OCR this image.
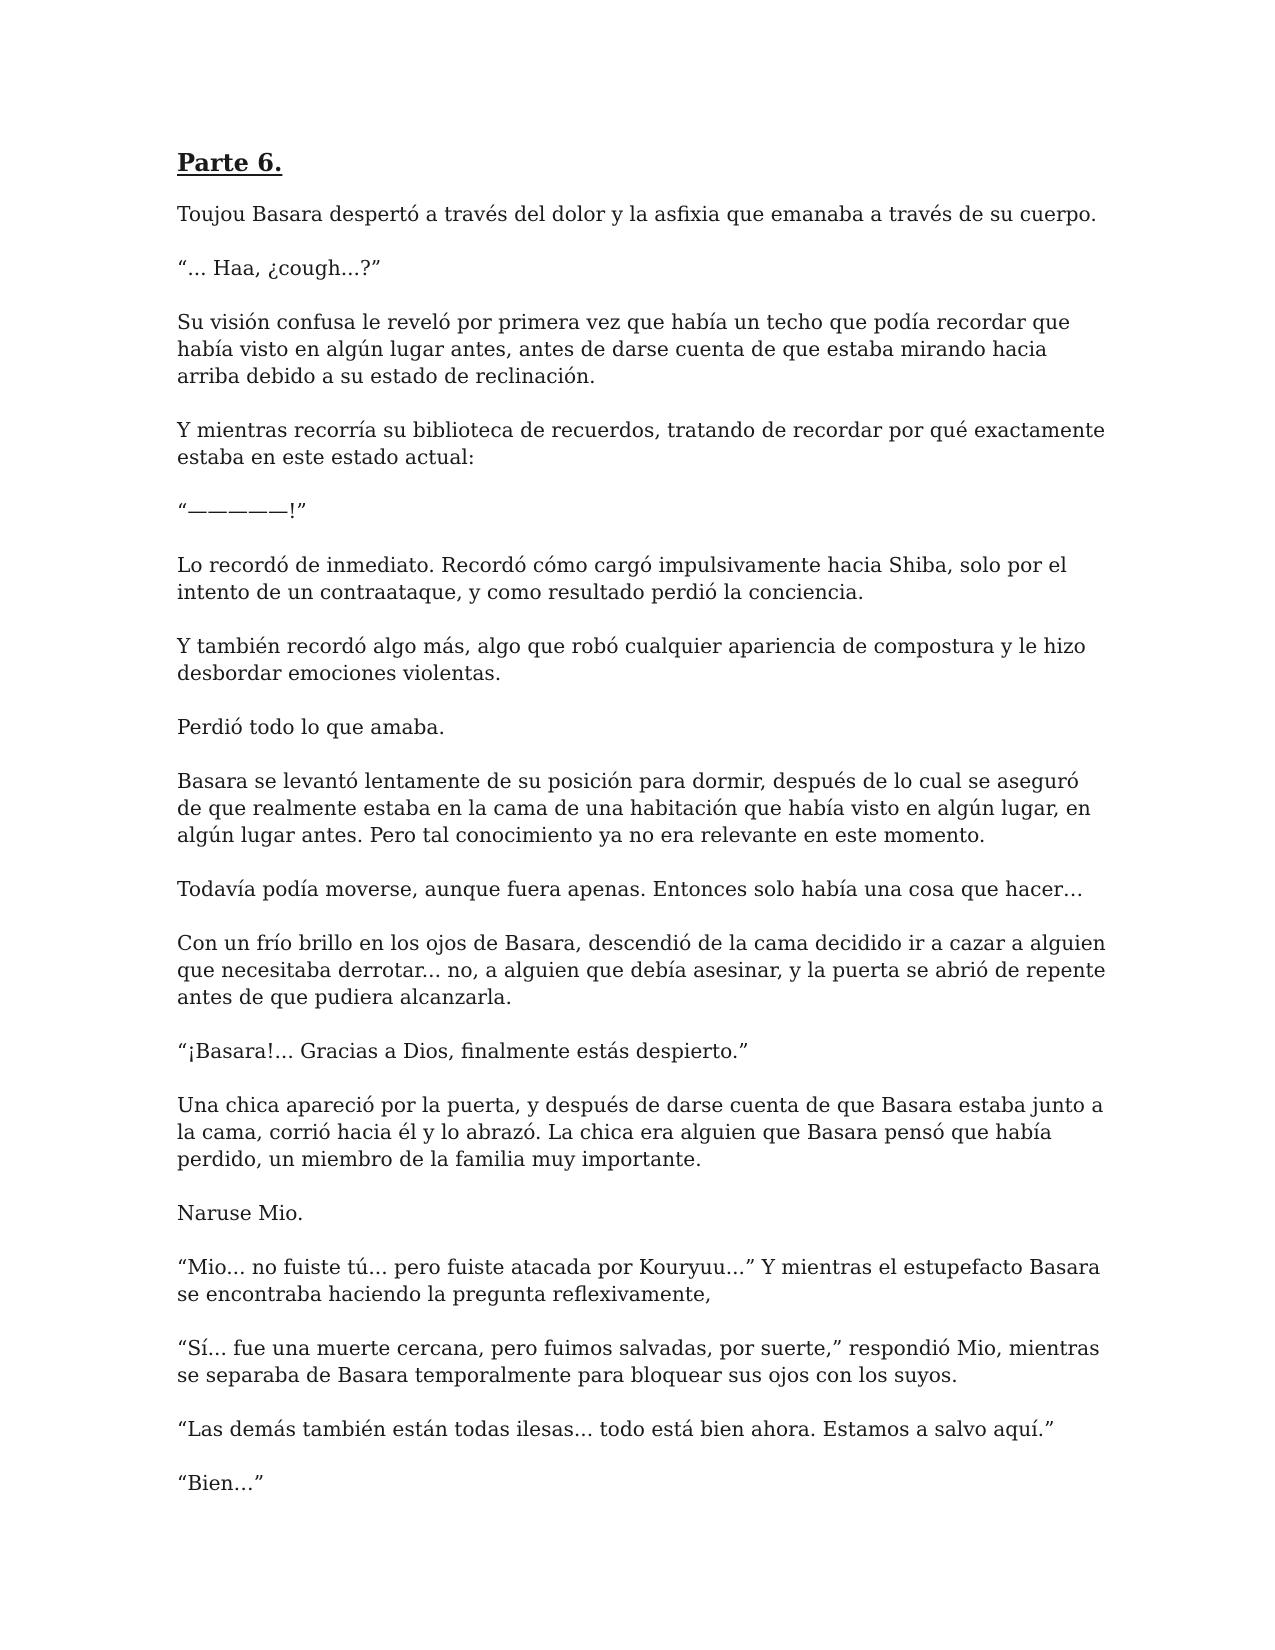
Parte 6.

Toujou Basara despertó a través del dolor y la asfixia que emanaba a través de su cuerpo.

“... Haa, ¿cough...?”

Su visión confusa le reveló por primera vez que había un techo que podía recordar que había visto en algún lugar antes, antes de darse cuenta de que estaba mirando hacia arriba debido a su estado de reclinación.

Y mientras recorría su biblioteca de recuerdos, tratando de recordar por qué exactamente estaba en este estado actual:

“—————!”

Lo recordó de inmediato. Recordó cómo cargó impulsivamente hacia Shiba, solo por el intento de un contraataque, y como resultado perdió la conciencia.

Y también recordó algo más, algo que robó cualquier apariencia de compostura y le hizo desbordar emociones violentas.

Perdió todo lo que amaba.

Basara se levantó lentamente de su posición para dormir, después de lo cual se aseguró de que realmente estaba en la cama de una habitación que había visto en algún lugar, en algún lugar antes. Pero tal conocimiento ya no era relevante en este momento.

Todavía podía moverse, aunque fuera apenas. Entonces solo había una cosa que hacer…

Con un frío brillo en los ojos de Basara, descendió de la cama decidido ir a cazar a alguien que necesitaba derrotar... no, a alguien que debía asesinar, y la puerta se abrió de repente antes de que pudiera alcanzarla.

“¡Basara!... Gracias a Dios, finalmente estás despierto.”

Una chica apareció por la puerta, y después de darse cuenta de que Basara estaba junto a la cama, corrió hacia él y lo abrazó. La chica era alguien que Basara pensó que había perdido, un miembro de la familia muy importante.

Naruse Mio.

“Mio... no fuiste tú... pero fuiste atacada por Kouryuu...” Y mientras el estupefacto Basara se encontraba haciendo la pregunta reflexivamente,

“Sí... fue una muerte cercana, pero fuimos salvadas, por suerte,” respondió Mio, mientras se separaba de Basara temporalmente para bloquear sus ojos con los suyos.

“Las demás también están todas ilesas... todo está bien ahora. Estamos a salvo aquí.”

“Bien…”
